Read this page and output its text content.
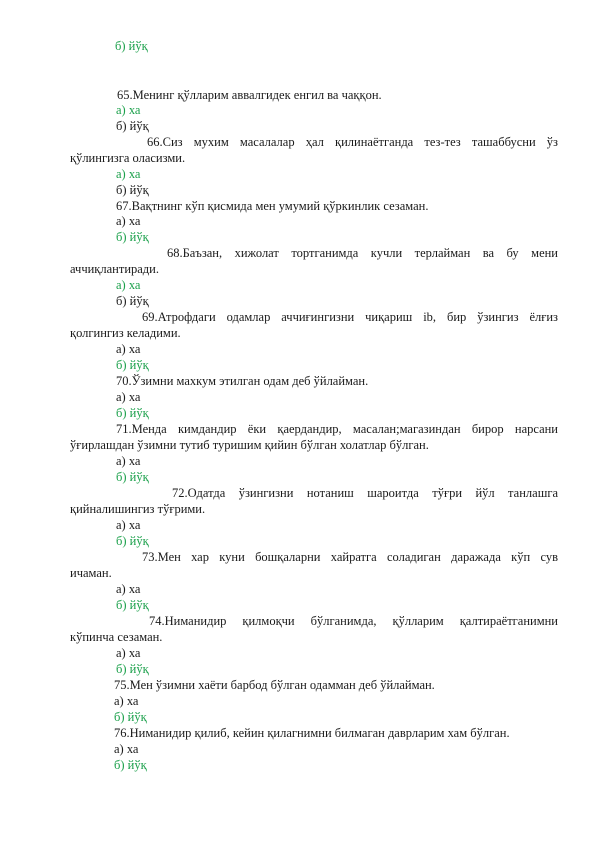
б) йўқ
65.Менинг қўлларим аввалгидек енгил ва чаққон.
а) ха
б) йўқ
66.Сиз мухим масалалар ҳал қилинаётганда тез-тез ташаббусни ўз
қўлингизга оласизми.
а) ха
б) йўқ
67.Вақтнинг кўп қисмида мен умумий қўркинлик сезаман.
а) ха
б) йўқ
68.Баъзан, хижолат тортганимда кучли терлайман ва бу мени
аччиқлантиради.
а) ха
б) йўқ
69.Атрофдаги одамлар аччиғингизни чиқариш ib, бир ўзингиз ёлғиз
қолгингиз келадими.
а) ха
б) йўқ
70.Ўзимни махкум этилган одам деб ўйлайман.
а) ха
б) йўқ
71.Менда кимдандир ёки қаердандир, масалан;магазиндан бирор нарсани
ўғирлашдан ўзимни тутиб туришим қийин бўлган холатлар бўлган.
а) ха
б) йўқ
72.Одатда ўзингизни нотаниш шароитда тўғри йўл танлашга
қийналишингиз тўғрими.
а) ха
б) йўқ
73.Мен хар куни бошқаларни хайратга соладиган даражада кўп сув
ичаман.
а) ха
б) йўқ
74.Ниманидир қилмоқчи бўлганимда, қўлларим қалтираётганимни
кўпинча сезаман.
а) ха
б) йўқ
75.Мен ўзимни хаёти барбод бўлган одамман деб ўйлайман.
а) ха
б) йўқ
76.Ниманидир қилиб, кейин қилагнимни билмаган даврларим хам бўлган.
а) ха
б) йўқ
